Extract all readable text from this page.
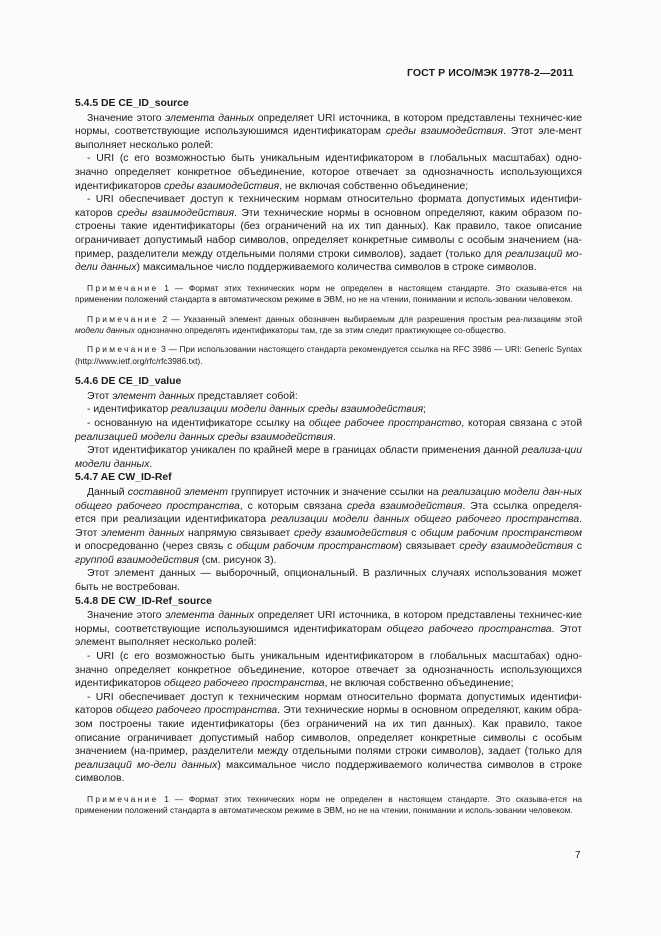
ГОСТ Р ИСО/МЭК 19778-2—2011
5.4.5 DE CE_ID_source

Значение этого элемента данных определяет URI источника, в котором представлены техничес-кие нормы, соответствующие используюшимся идентификаторам среды взаимодействия. Этот эле-мент выполняет несколько ролей:

- URI (с его возможностью быть уникальным идентификатором в глобальных масштабах) одно-значно определяет конкретное объединение, которое отвечает за однозначность использующихся идентификаторов среды взаимодействия, не включая собственно объединение;

- URI обеспечивает доступ к техническим нормам относительно формата допустимых идентифи-каторов среды взаимодействия. Эти технические нормы в основном определяют, каким образом по-строены такие идентификаторы (без ограничений на их тип данных). Как правило, такое описание ограничивает допустимый набор символов, определяет конкретные символы с особым значением (на-пример, разделители между отдельными полями строки символов), задает (только для реализаций мо-дели данных) максимальное число поддерживаемого количества символов в строке символов.

Примечание 1 — Формат этих технических норм не определен в настоящем стандарте. Это сказыва-ется на применении положений стандарта в автоматическом режиме в ЭВМ, но не на чтении, понимании и исполь-зовании человеком.

Примечание 2 — Указанный элемент данных обозначен выбираемым для разрешения простым реа-лизациям этой модели данных однозначно определять идентификаторы там, где за этим следит практикующее со-общество.

Примечание 3 — При использовании настоящего стандарта рекомендуется ссылка на RFC 3986 — URI: Generic Syntax (http://www.ietf.org/rfc/rfc3986.txt).

5.4.6 DE CE_ID_value

Этот элемент данных представляет собой:

- идентификатор реализации модели данных среды взаимодействия;

- основанную на идентификаторе ссылку на общее рабочее пространство, которая связана с этой реализацией модели данных среды взаимодействия.

Этот идентификатор уникален по крайней мере в границах области применения данной реализа-ции модели данных.

5.4.7 AE CW_ID-Ref

Данный составной элемент группирует источник и значение ссылки на реализацию модели дан-ных общего рабочего пространства, с которым связана среда взаимодействия. Эта ссылка определя-ется при реализации идентификатора реализации модели данных общего рабочего пространства. Этот элемент данных напрямую связывает среду взаимодействия с общим рабочим пространством и опосредованно (через связь с общим рабочим пространством) связывает среду взаимодействия с группой взаимодействия (см. рисунок 3).

Этот элемент данных — выборочный, опциональный. В различных случаях использования может быть не востребован.

5.4.8 DE CW_ID-Ref_source

Значение этого элемента данных определяет URI источника, в котором представлены техничес-кие нормы, соответствующие используюшимся идентификаторам общего рабочего пространства. Этот элемент выполняет несколько ролей:

- URI (с его возможностью быть уникальным идентификатором в глобальных масштабах) одно-значно определяет конкретное объединение, которое отвечает за однозначность использующихся идентификаторов общего рабочего пространства, не включая собственно объединение;

- URI обеспечивает доступ к техническим нормам относительно формата допустимых идентифи-каторов общего рабочего пространства. Эти технические нормы в основном определяют, каким обра-зом построены такие идентификаторы (без ограничений на их тип данных). Как правило, такое описание ограничивает допустимый набор символов, определяет конкретные символы с особым значением (на-пример, разделители между отдельными полями строки символов), задает (только для реализаций мо-дели данных) максимальное число поддерживаемого количества символов в строке символов.

Примечание 1 — Формат этих технических норм не определен в настоящем стандарте. Это сказыва-ется на применении положений стандарта в автоматическом режиме в ЭВМ, но не на чтении, понимании и исполь-зовании человеком.

7
